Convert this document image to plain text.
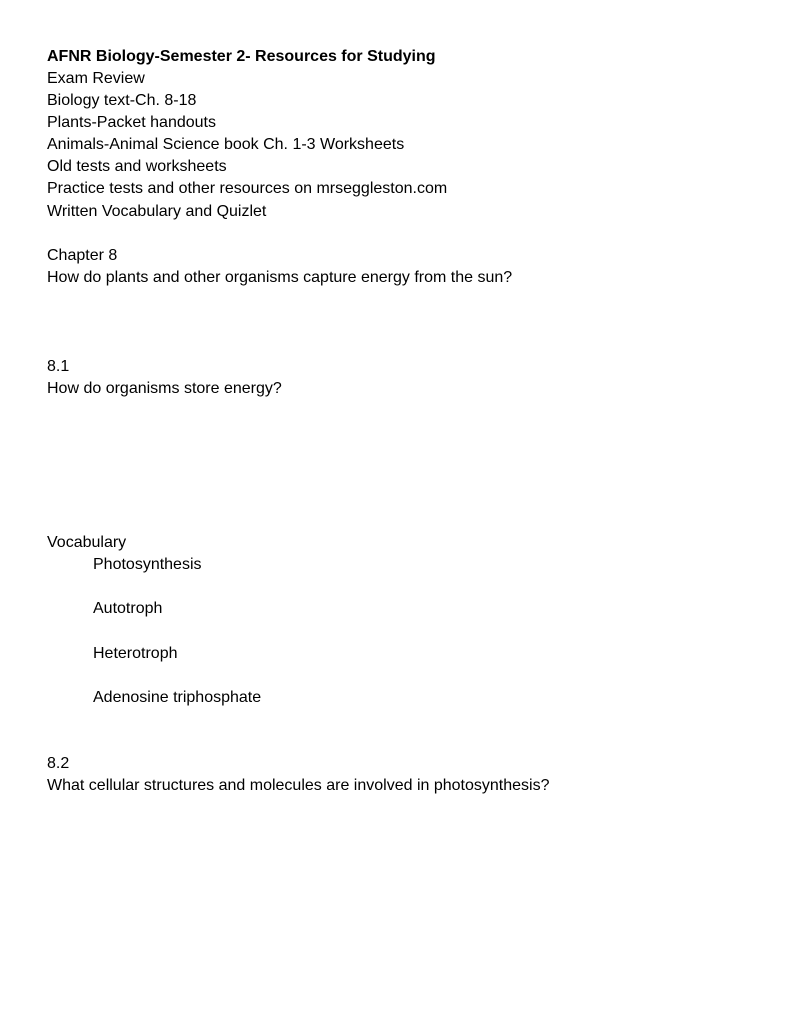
AFNR Biology-Semester 2- Resources for Studying
Exam Review
Biology text-Ch. 8-18
Plants-Packet handouts
Animals-Animal Science book Ch. 1-3 Worksheets
Old tests and worksheets
Practice tests and other resources on mrseggleston.com
Written Vocabulary and Quizlet
Chapter 8
How do plants and other organisms capture energy from the sun?
8.1
How do organisms store energy?
Vocabulary
Photosynthesis
Autotroph
Heterotroph
Adenosine triphosphate
8.2
What cellular structures and molecules are involved in photosynthesis?
